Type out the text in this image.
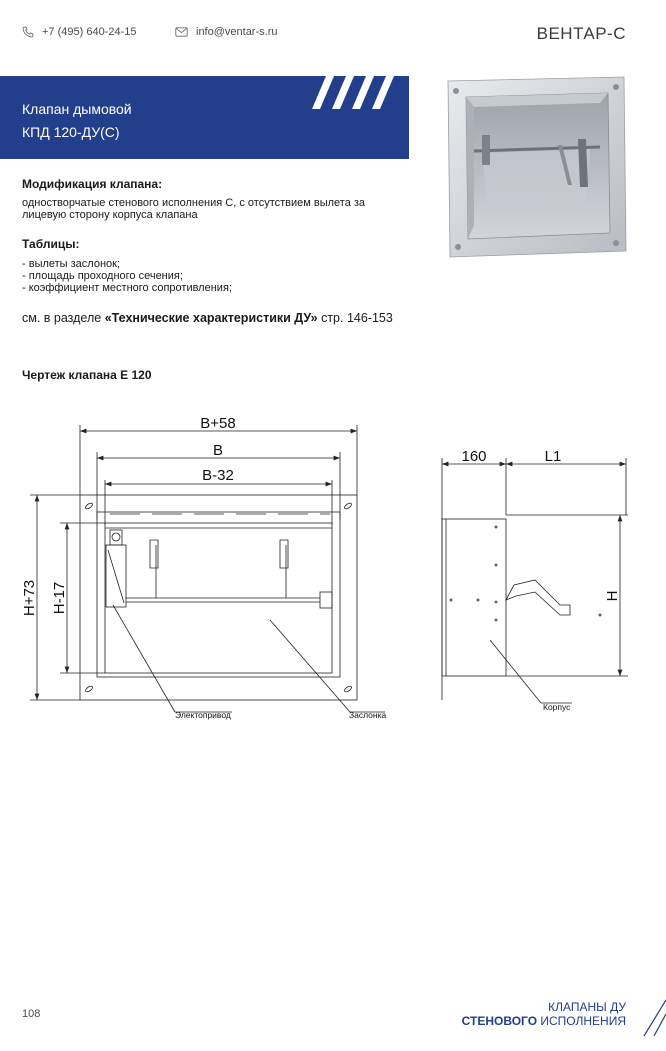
+7 (495) 640-24-15	info@ventar-s.ru	ВЕНТАР-С
Клапан дымовой
КПД 120-ДУ(С)
Модификация клапана:
одностворчатые стенового исполнения С, с отсутствием вылета за
лицевую сторону корпуса клапана
Таблицы:
- вылеты заслонок;
- площадь проходного сечения;
- коэффициент местного сопротивления;
см. в разделе «Технические характеристики ДУ» стр. 146-153
Чертеж клапана Е 120
B+58
B
B-32
H+73 H-17
Электопривод	Заслонка
160	L1
H
Корпус
108	КЛАПАНЫ ДУ
СТЕНОВОГО ИСПОЛНЕНИЯ
